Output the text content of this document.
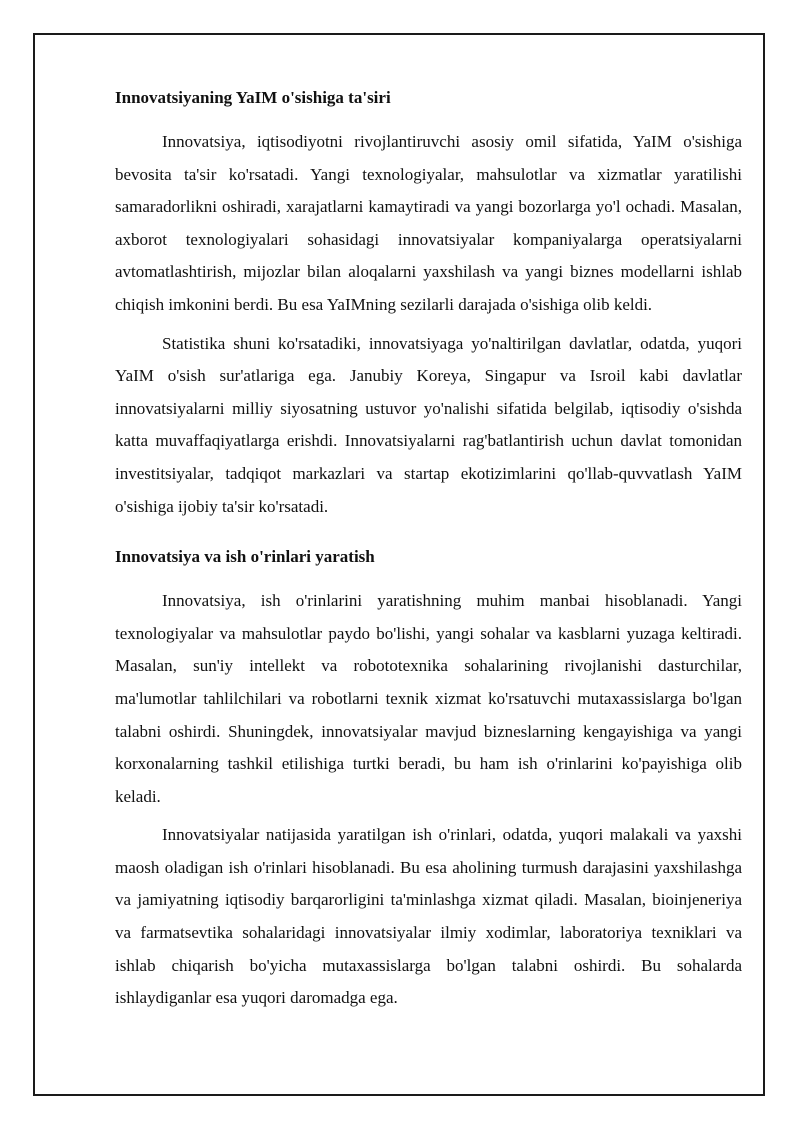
Innovatsiyaning YaIM o'sishiga ta'siri

Innovatsiya, iqtisodiyotni rivojlantiruvchi asosiy omil sifatida, YaIM o'sishiga bevosita ta'sir ko'rsatadi. Yangi texnologiyalar, mahsulotlar va xizmatlar yaratilishi samaradorlikni oshiradi, xarajatlarni kamaytiradi va yangi bozorlarga yo'l ochadi. Masalan, axborot texnologiyalari sohasidagi innovatsiyalar kompaniyalarga operatsiyalarni avtomatlashtirish, mijozlar bilan aloqalarni yaxshilash va yangi biznes modellarni ishlab chiqish imkonini berdi. Bu esa YaIMning sezilarli darajada o'sishiga olib keldi.

Statistika shuni ko'rsatadiki, innovatsiyaga yo'naltirilgan davlatlar, odatda, yuqori YaIM o'sish sur'atlariga ega. Janubiy Koreya, Singapur va Isroil kabi davlatlar innovatsiyalarni milliy siyosatning ustuvor yo'nalishi sifatida belgilab, iqtisodiy o'sishda katta muvaffaqiyatlarga erishdi. Innovatsiyalarni rag'batlantirish uchun davlat tomonidan investitsiyalar, tadqiqot markazlari va startap ekotizimlarini qo'llab-quvvatlash YaIM o'sishiga ijobiy ta'sir ko'rsatadi.

Innovatsiya va ish o'rinlari yaratish

Innovatsiya, ish o'rinlarini yaratishning muhim manbai hisoblanadi. Yangi texnologiyalar va mahsulotlar paydo bo'lishi, yangi sohalar va kasblarni yuzaga keltiradi. Masalan, sun'iy intellekt va robototexnika sohalarining rivojlanishi dasturchilar, ma'lumotlar tahlilchilari va robotlarni texnik xizmat ko'rsatuvchi mutaxassislarga bo'lgan talabni oshirdi. Shuningdek, innovatsiyalar mavjud bizneslarning kengayishiga va yangi korxonalarning tashkil etilishiga turtki beradi, bu ham ish o'rinlarini ko'payishiga olib keladi.

Innovatsiyalar natijasida yaratilgan ish o'rinlari, odatda, yuqori malakali va yaxshi maosh oladigan ish o'rinlari hisoblanadi. Bu esa aholining turmush darajasini yaxshilashga va jamiyatning iqtisodiy barqarorligini ta'minlashga xizmat qiladi. Masalan, bioinjeneriya va farmatsevtika sohalaridagi innovatsiyalar ilmiy xodimlar, laboratoriya texniklari va ishlab chiqarish bo'yicha mutaxassislarga bo'lgan talabni oshirdi. Bu sohalarda ishlaydiganlar esa yuqori daromadga ega.
